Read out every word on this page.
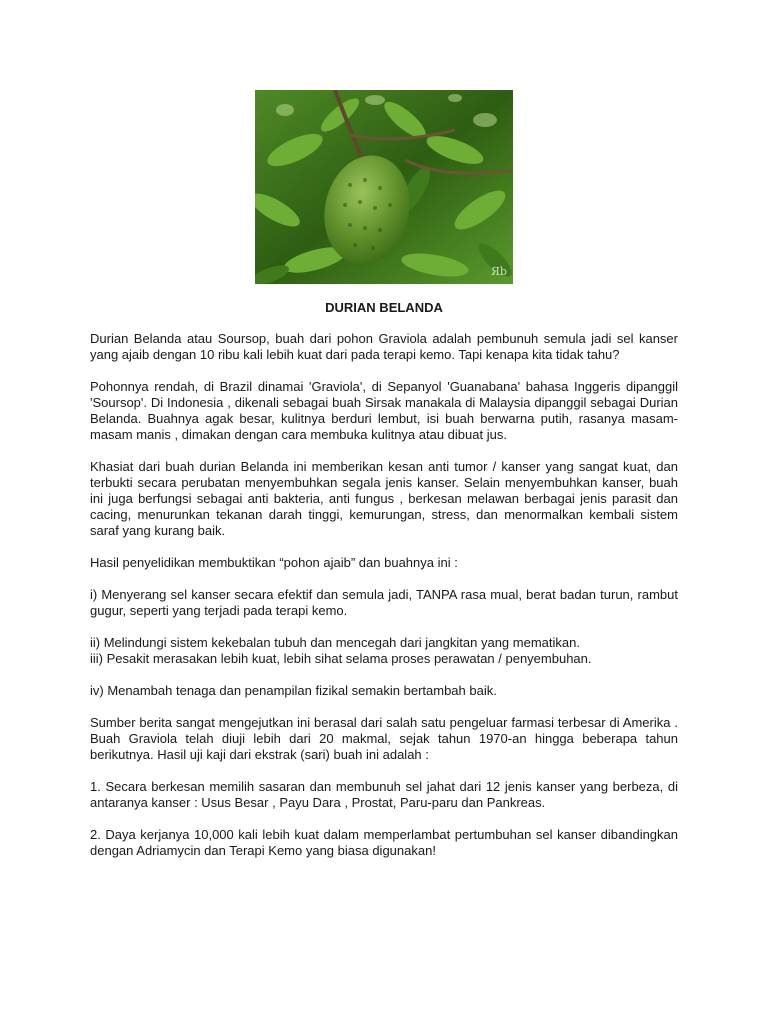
Яb
DURIAN BELANDA

Durian Belanda atau Soursop, buah dari pohon Graviola adalah pembunuh semula jadi sel kanser yang ajaib dengan 10 ribu kali lebih kuat dari pada terapi kemo. Tapi kenapa kita tidak tahu?

Pohonnya rendah, di Brazil dinamai 'Graviola', di Sepanyol 'Guanabana' bahasa Inggeris dipanggil 'Soursop'. Di Indonesia , dikenali sebagai buah Sirsak manakala di Malaysia dipanggil sebagai Durian Belanda. Buahnya agak besar, kulitnya berduri lembut, isi buah berwarna putih, rasanya masam-masam manis , dimakan dengan cara membuka kulitnya atau dibuat jus.

Khasiat dari buah durian Belanda ini memberikan kesan anti tumor / kanser yang sangat kuat, dan terbukti secara perubatan menyembuhkan segala jenis kanser. Selain menyembuhkan kanser, buah ini juga berfungsi sebagai anti bakteria, anti fungus , berkesan melawan berbagai jenis parasit dan cacing, menurunkan tekanan darah tinggi, kemurungan, stress, dan menormalkan kembali sistem saraf yang kurang baik.

Hasil penyelidikan membuktikan “pohon ajaib” dan buahnya ini :

i) Menyerang sel kanser secara efektif dan semula jadi, TANPA rasa mual, berat badan turun, rambut gugur, seperti yang terjadi pada terapi kemo.

ii) Melindungi sistem kekebalan tubuh dan mencegah dari jangkitan yang mematikan.

iii) Pesakit merasakan lebih kuat, lebih sihat selama proses perawatan / penyembuhan.

iv) Menambah tenaga dan penampilan fizikal semakin bertambah baik.

Sumber berita sangat mengejutkan ini berasal dari salah satu pengeluar farmasi terbesar di Amerika . Buah Graviola telah diuji lebih dari 20 makmal, sejak tahun 1970-an hingga beberapa tahun berikutnya. Hasil uji kaji dari ekstrak (sari) buah ini adalah :

1. Secara berkesan memilih sasaran dan membunuh sel jahat dari 12 jenis kanser yang berbeza, di antaranya kanser : Usus Besar , Payu Dara , Prostat, Paru-paru dan Pankreas.

2. Daya kerjanya 10,000 kali lebih kuat dalam memperlambat pertumbuhan sel kanser dibandingkan dengan Adriamycin dan Terapi Kemo yang biasa digunakan!
